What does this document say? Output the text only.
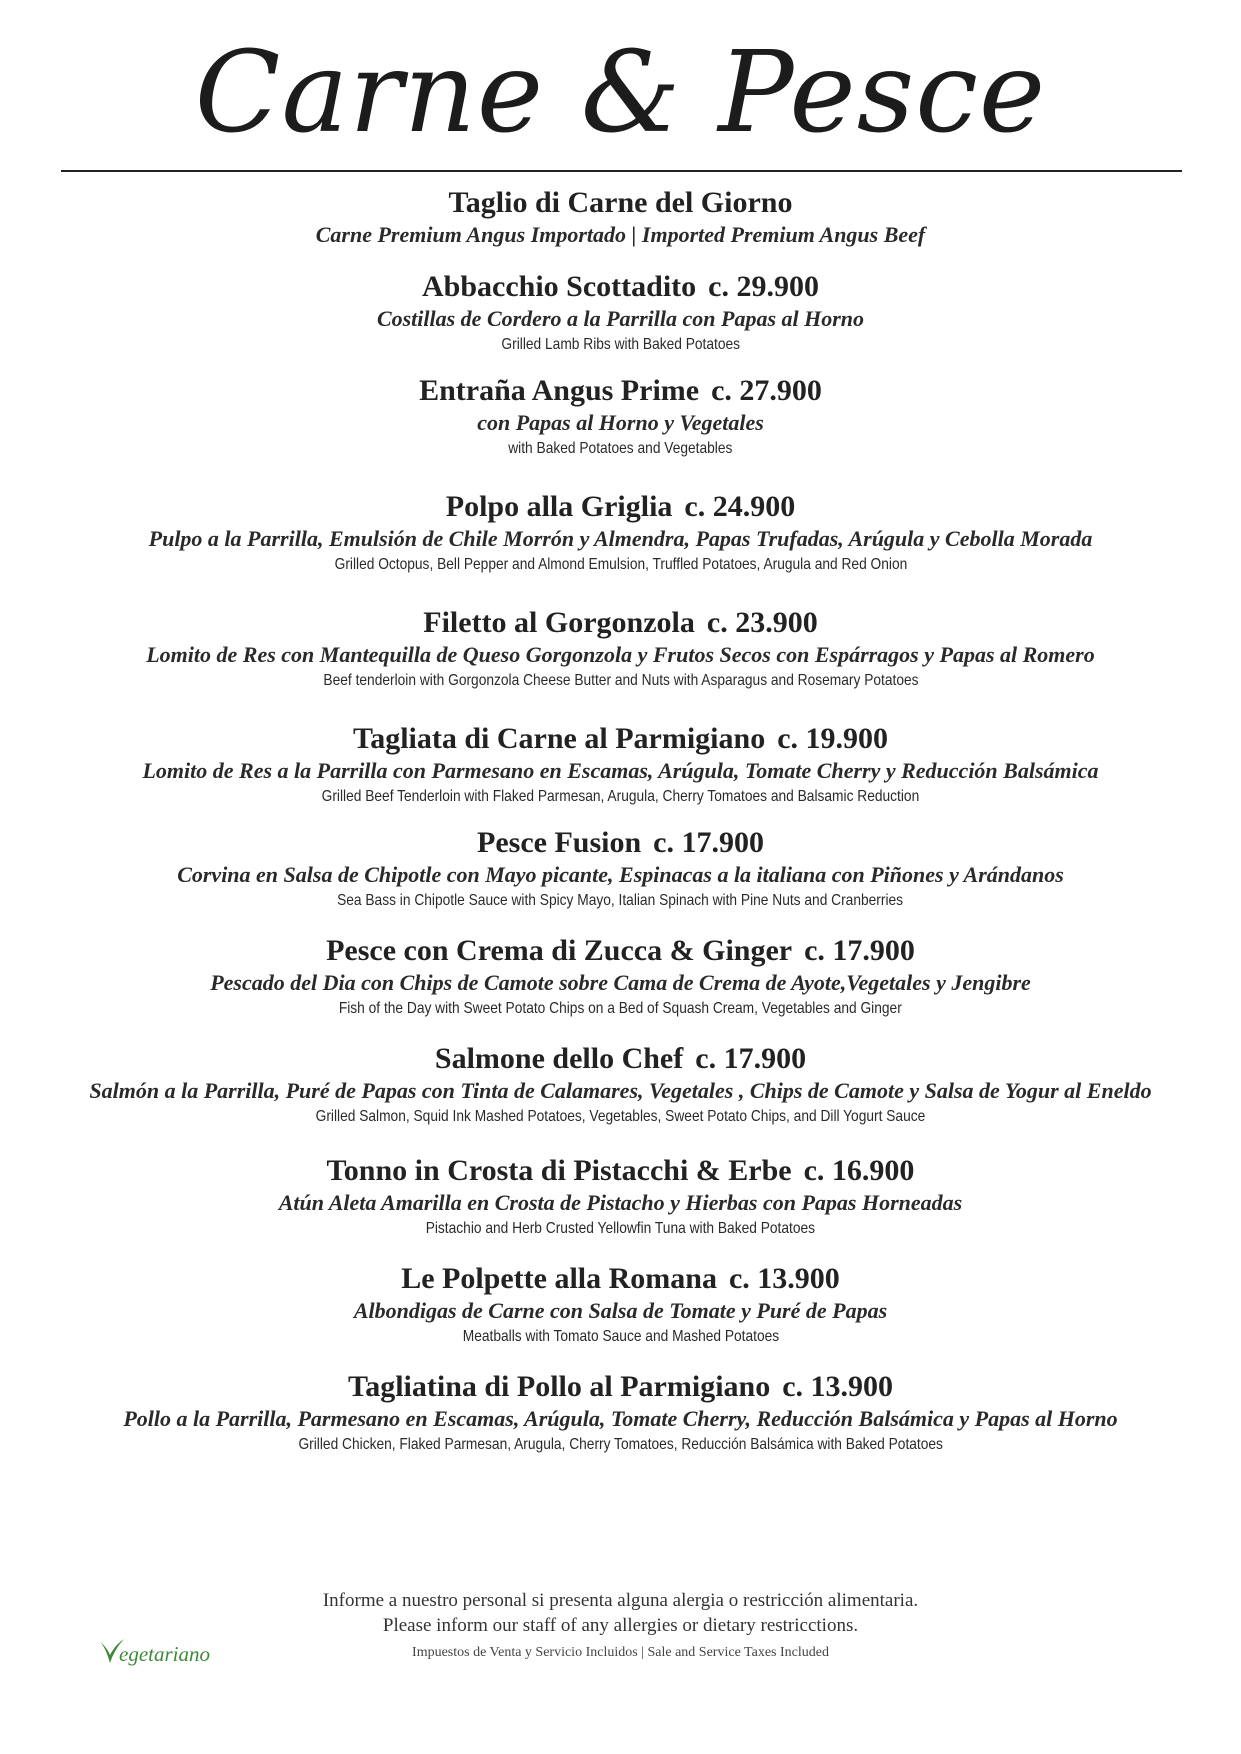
Carne & Pesce
Taglio di Carne del Giorno
Carne Premium Angus Importado | Imported Premium Angus Beef
Abbacchio Scottadito c. 29.900
Costillas de Cordero a la Parrilla con Papas al Horno
Grilled Lamb Ribs with Baked Potatoes
Entraña Angus Prime c. 27.900
con Papas al Horno y Vegetales
with Baked Potatoes and Vegetables
Polpo alla Griglia c. 24.900
Pulpo a la Parrilla, Emulsión de Chile Morrón y Almendra, Papas Trufadas, Arúgula y Cebolla Morada
Grilled Octopus, Bell Pepper and Almond Emulsion, Truffled Potatoes, Arugula and Red Onion
Filetto al Gorgonzola c. 23.900
Lomito de Res con Mantequilla de Queso Gorgonzola y Frutos Secos con Espárragos y Papas al Romero
Beef tenderloin with Gorgonzola Cheese Butter and Nuts with Asparagus and Rosemary Potatoes
Tagliata di Carne al Parmigiano c. 19.900
Lomito de Res a la Parrilla con Parmesano en Escamas, Arúgula, Tomate Cherry y Reducción Balsámica
Grilled Beef Tenderloin with Flaked Parmesan, Arugula, Cherry Tomatoes and Balsamic Reduction
Pesce Fusion c. 17.900
Corvina en Salsa de Chipotle con Mayo picante, Espinacas a la italiana con Piñones y Arándanos
Sea Bass in Chipotle Sauce with Spicy Mayo, Italian Spinach with Pine Nuts and Cranberries
Pesce con Crema di Zucca & Ginger c. 17.900
Pescado del Dia con Chips de Camote sobre Cama de Crema de Ayote,Vegetales y Jengibre
Fish of the Day with Sweet Potato Chips on a Bed of Squash Cream, Vegetables and Ginger
Salmone dello Chef c. 17.900
Salmón a la Parrilla, Puré de Papas con Tinta de Calamares, Vegetales , Chips de Camote y Salsa de Yogur al Eneldo
Grilled Salmon, Squid Ink Mashed Potatoes, Vegetables, Sweet Potato Chips, and Dill Yogurt Sauce
Tonno in Crosta di Pistacchi & Erbe c. 16.900
Atún Aleta Amarilla en Crosta de Pistacho y Hierbas con Papas Horneadas
Pistachio and Herb Crusted Yellowfin Tuna with Baked Potatoes
Le Polpette alla Romana c. 13.900
Albondigas de Carne con Salsa de Tomate y Puré de Papas
Meatballs with Tomato Sauce and Mashed Potatoes
Tagliatina di Pollo al Parmigiano c. 13.900
Pollo a la Parrilla, Parmesano en Escamas, Arúgula, Tomate Cherry, Reducción Balsámica y Papas al Horno
Grilled Chicken, Flaked Parmesan, Arugula, Cherry Tomatoes, Reducción Balsámica with Baked Potatoes
Informe a nuestro personal si presenta alguna alergia o restricción alimentaria.
Please inform our staff of any allergies or dietary restricctions.
Impuestos de Venta y Servicio Incluidos | Sale and Service Taxes Included
egetariano
